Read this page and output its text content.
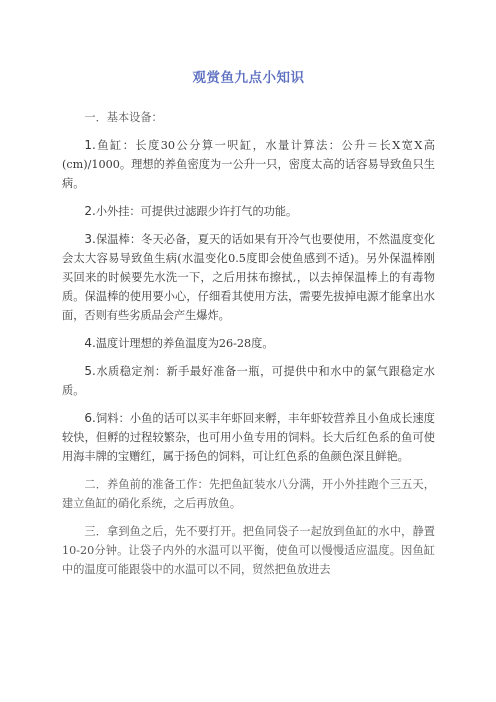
观赏鱼九点小知识

一．基本设备：

1.鱼缸：长度30公分算一呎缸，水量计算法：公升＝长X宽X高(cm)/1000。理想的养鱼密度为一公升一只，密度太高的话容易导致鱼只生病。

2.小外挂：可提供过滤跟少许打气的功能。

3.保温棒：冬天必备，夏天的话如果有开冷气也要使用，不然温度变化会太大容易导致鱼生病(水温变化0.5度即会使鱼感到不适)。另外保温棒刚买回来的时候要先水洗一下，之后用抹布擦拭,，以去掉保温棒上的有毒物质。保温棒的使用要小心，仔细看其使用方法，需要先拔掉电源才能拿出水面，否则有些劣质品会产生爆炸。

4.温度计理想的养鱼温度为26-28度。

5.水质稳定剂：新手最好准备一瓶，可提供中和水中的氯气跟稳定水质。

6.饲料：小鱼的话可以买丰年虾回来孵，丰年虾较营养且小鱼成长速度较快，但孵的过程较繁杂，也可用小鱼专用的饲料。长大后红色系的鱼可使用海丰牌的宝赠红，属于扬色的饲料，可让红色系的鱼颜色深且鲜艳。

二．养鱼前的准备工作：先把鱼缸装水八分满，开小外挂跑个三五天，建立鱼缸的硝化系统，之后再放鱼。

三．拿到鱼之后，先不要打开。把鱼同袋子一起放到鱼缸的水中，静置10-20分钟。让袋子内外的水温可以平衡，使鱼可以慢慢适应温度。因鱼缸中的温度可能跟袋中的水温可以不同，贸然把鱼放进去
